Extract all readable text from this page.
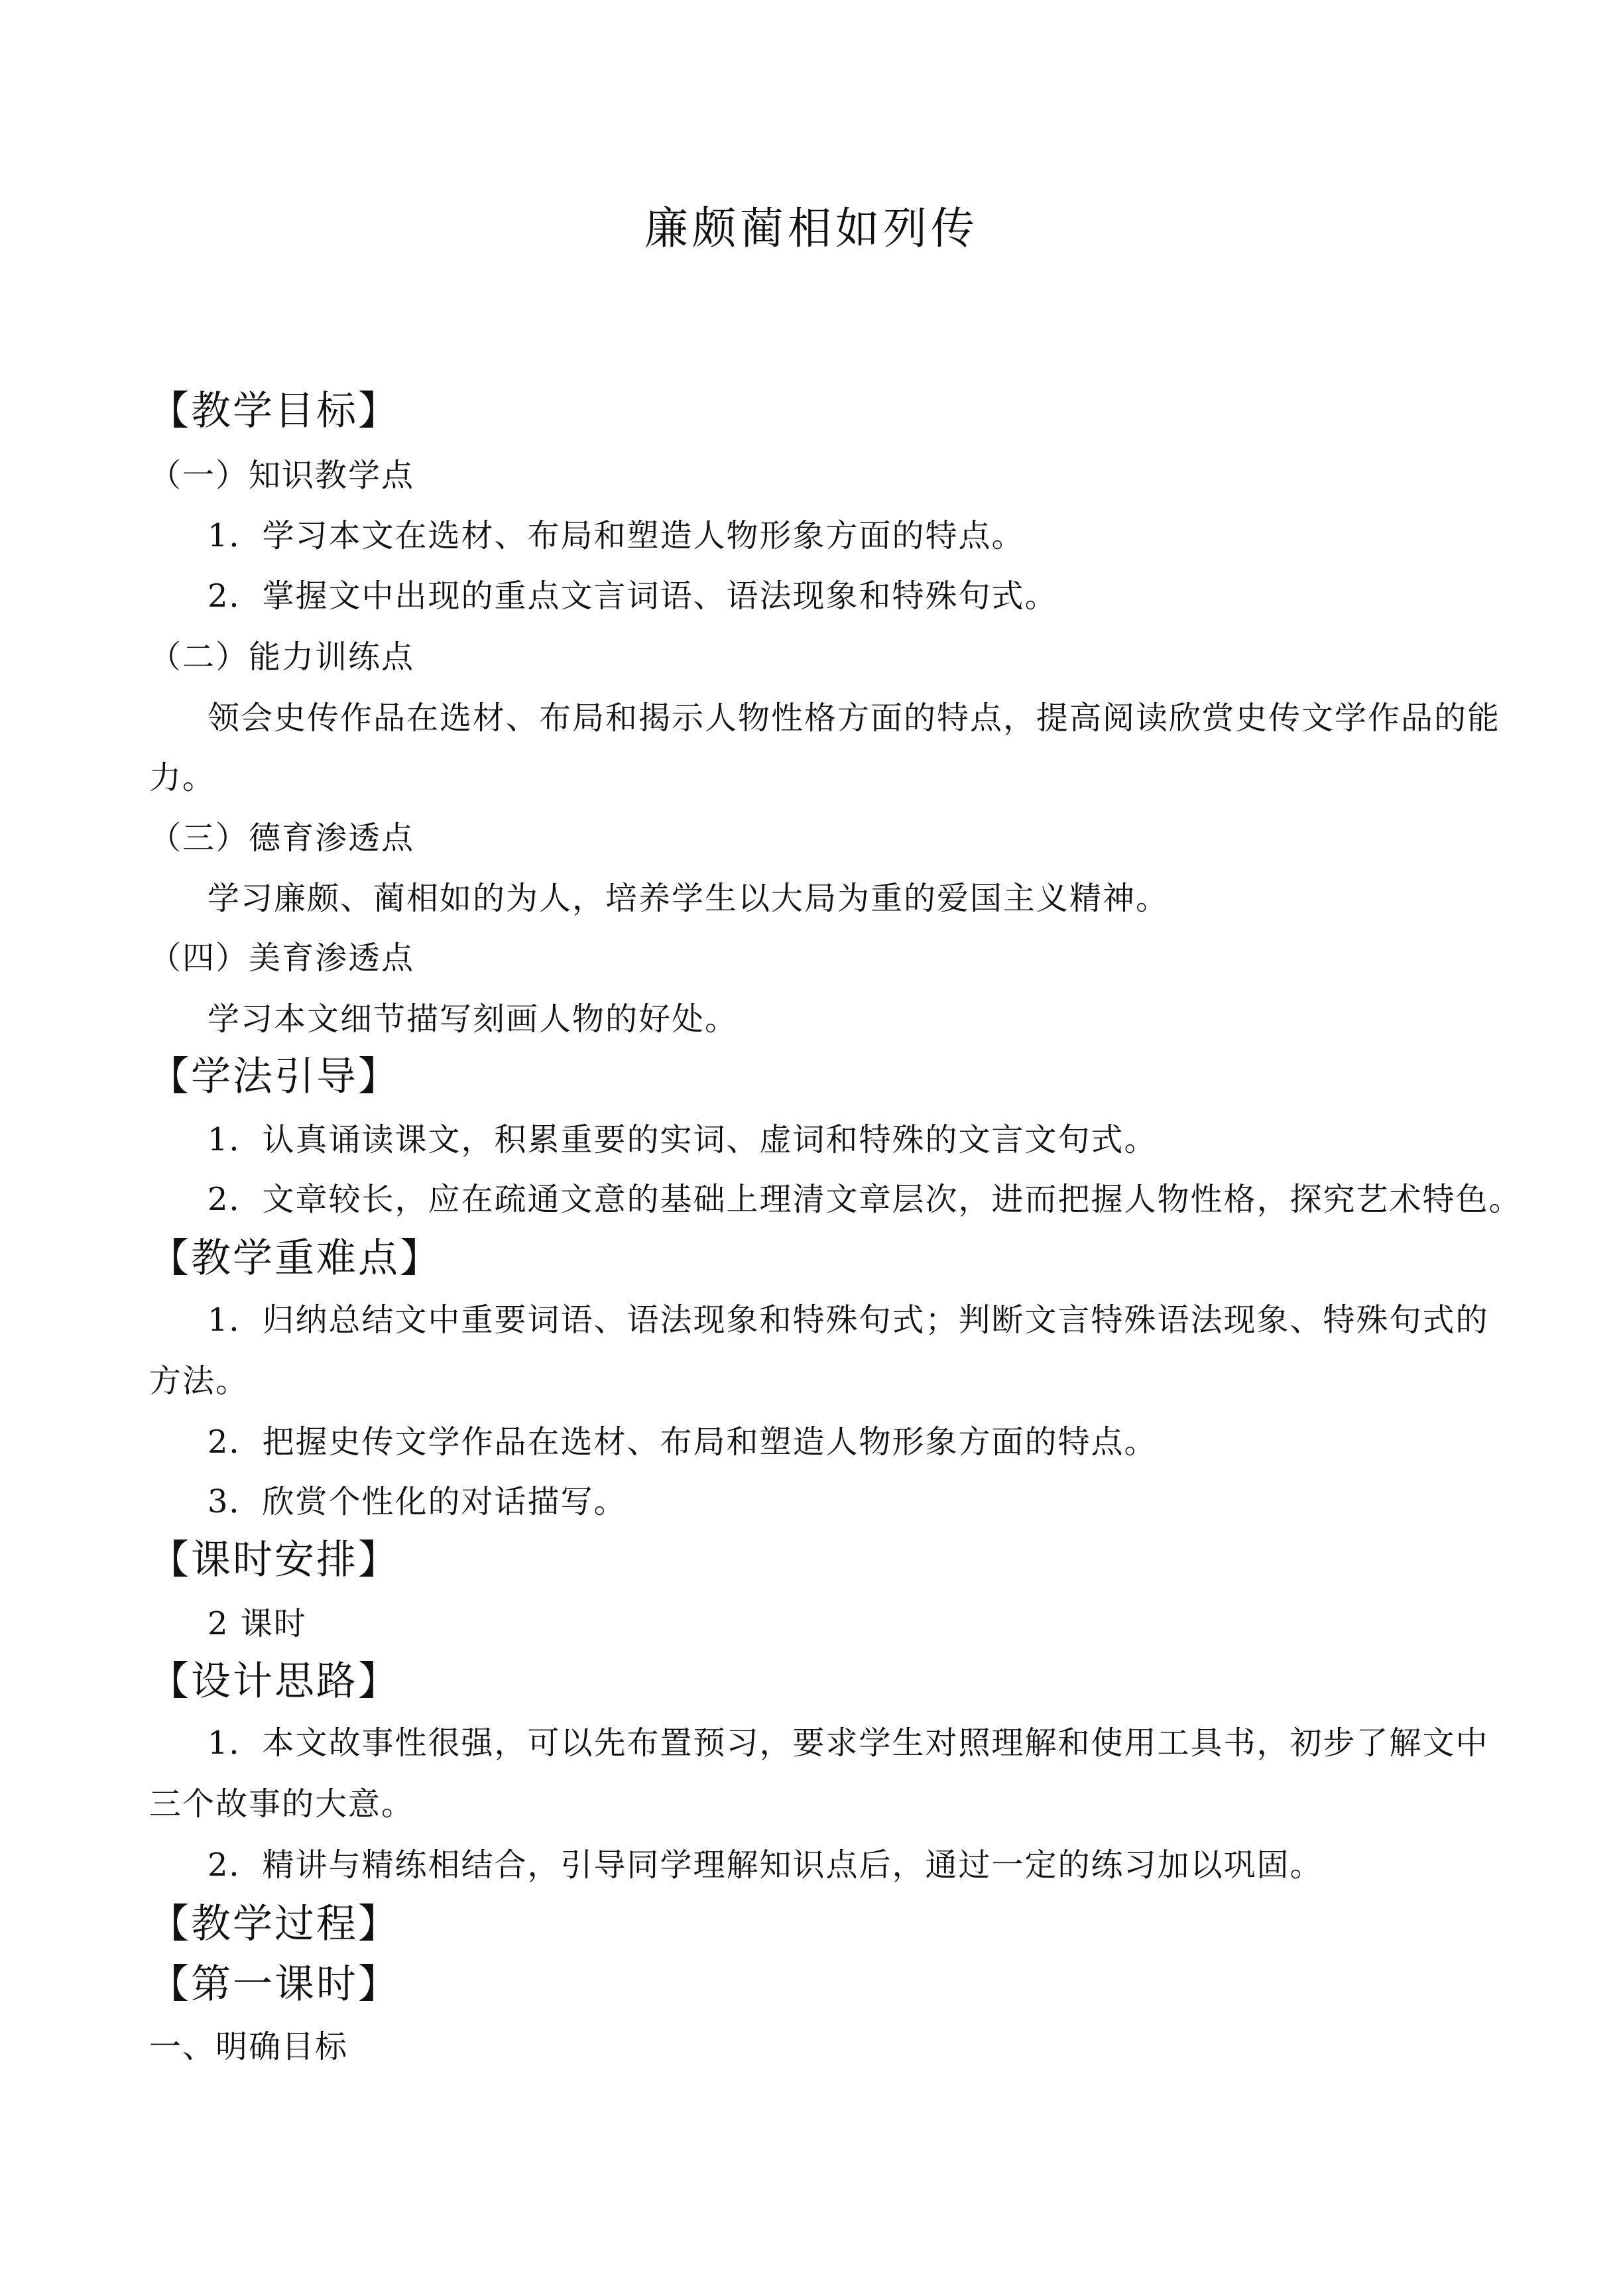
廉颇蔺相如列传
【教学目标】
（一）知识教学点
1．学习本文在选材、布局和塑造人物形象方面的特点。
2．掌握文中出现的重点文言词语、语法现象和特殊句式。
（二）能力训练点
领会史传作品在选材、布局和揭示人物性格方面的特点，提高阅读欣赏史传文学作品的能
力。
（三）德育渗透点
学习廉颇、蔺相如的为人，培养学生以大局为重的爱国主义精神。
（四）美育渗透点
学习本文细节描写刻画人物的好处。
【学法引导】
1．认真诵读课文，积累重要的实词、虚词和特殊的文言文句式。
2．文章较长，应在疏通文意的基础上理清文章层次，进而把握人物性格，探究艺术特色。
【教学重难点】
1．归纳总结文中重要词语、语法现象和特殊句式；判断文言特殊语法现象、特殊句式的
方法。
2．把握史传文学作品在选材、布局和塑造人物形象方面的特点。
3．欣赏个性化的对话描写。
【课时安排】
2 课时
【设计思路】
1．本文故事性很强，可以先布置预习，要求学生对照理解和使用工具书，初步了解文中
三个故事的大意。
2．精讲与精练相结合，引导同学理解知识点后，通过一定的练习加以巩固。
【教学过程】
【第一课时】
一、明确目标
